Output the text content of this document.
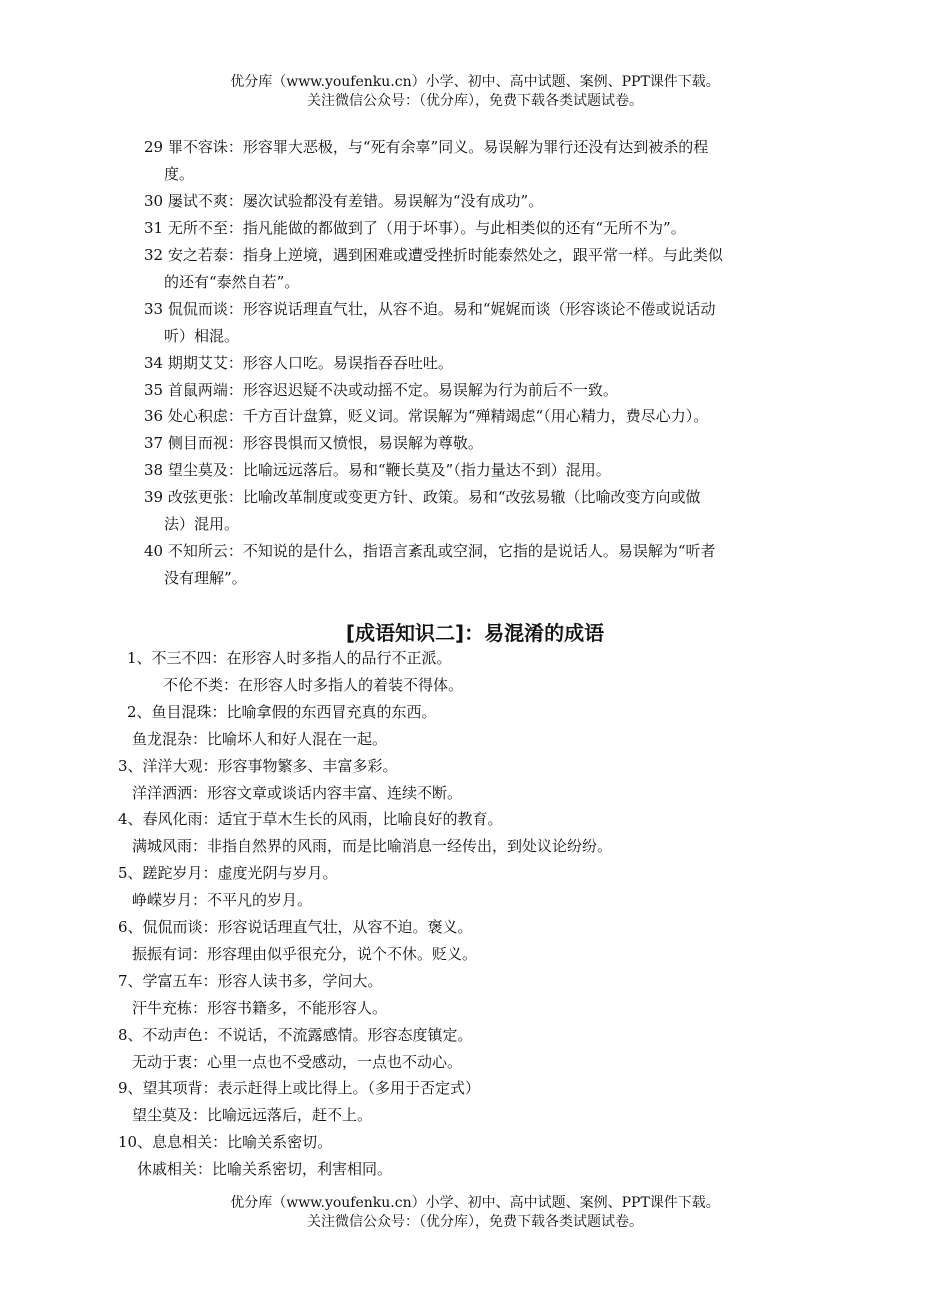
优分库（www.youfenku.cn）小学、初中、高中试题、案例、PPT课件下载。
关注微信公众号：（优分库），免费下载各类试题试卷。
29 罪不容诛：形容罪大恶极，与“死有余辜”同义。易误解为罪行还没有达到被杀的程
度。
30 屡试不爽：屡次试验都没有差错。易误解为“没有成功”。
31 无所不至：指凡能做的都做到了（用于坏事）。与此相类似的还有“无所不为”。
32 安之若泰：指身上逆境，遇到困难或遭受挫折时能泰然处之，跟平常一样。与此类似
的还有“泰然自若”。
33 侃侃而谈：形容说话理直气壮，从容不迫。易和“娓娓而谈（形容谈论不倦或说话动
听）相混。
34 期期艾艾：形容人口吃。易误指吞吞吐吐。
35 首鼠两端：形容迟迟疑不决或动摇不定。易误解为行为前后不一致。
36 处心积虑：千方百计盘算，贬义词。常误解为“殚精竭虑“（用心精力，费尽心力）。
37 侧目而视：形容畏惧而又愤恨，易误解为尊敬。
38 望尘莫及：比喻远远落后。易和“鞭长莫及”（指力量达不到）混用。
39 改弦更张：比喻改革制度或变更方针、政策。易和“改弦易辙（比喻改变方向或做
法）混用。
40 不知所云：不知说的是什么，指语言紊乱或空洞，它指的是说话人。易误解为“听者
没有理解”。
[成语知识二]：易混淆的成语
1、不三不四：在形容人时多指人的品行不正派。
不伦不类：在形容人时多指人的着装不得体。
2、鱼目混珠：比喻拿假的东西冒充真的东西。
鱼龙混杂：比喻坏人和好人混在一起。
3、洋洋大观：形容事物繁多、丰富多彩。
洋洋洒洒：形容文章或谈话内容丰富、连续不断。
4、春风化雨：适宜于草木生长的风雨，比喻良好的教育。
满城风雨：非指自然界的风雨，而是比喻消息一经传出，到处议论纷纷。
5、蹉跎岁月：虚度光阴与岁月。
峥嵘岁月：不平凡的岁月。
6、侃侃而谈：形容说话理直气壮，从容不迫。褒义。
振振有词：形容理由似乎很充分，说个不休。贬义。
7、学富五车：形容人读书多，学问大。
汗牛充栋：形容书籍多，不能形容人。
8、不动声色：不说话，不流露感情。形容态度镇定。
无动于衷：心里一点也不受感动，一点也不动心。
9、望其项背：表示赶得上或比得上。（多用于否定式）
望尘莫及：比喻远远落后，赶不上。
10、息息相关：比喻关系密切。
休戚相关：比喻关系密切，利害相同。
优分库（www.youfenku.cn）小学、初中、高中试题、案例、PPT课件下载。
关注微信公众号：（优分库），免费下载各类试题试卷。
